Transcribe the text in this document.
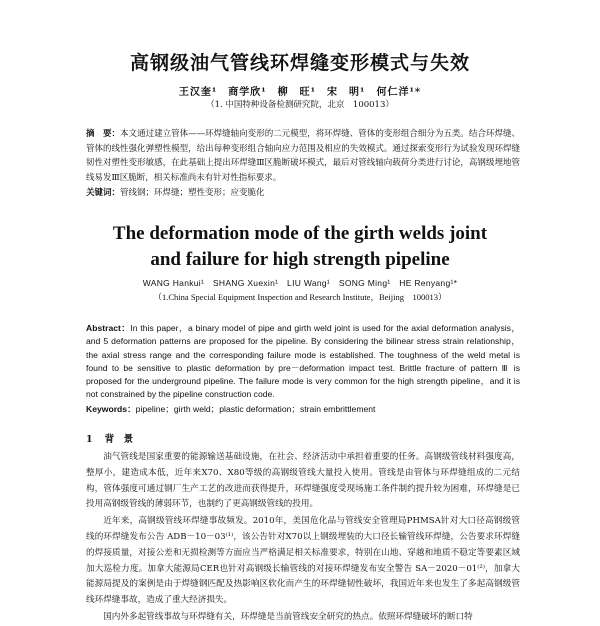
高钢级油气管线环焊缝变形模式与失效
王汉奎¹　商学欣¹　柳　旺¹　宋　明¹　何仁洋¹*
（1. 中国特种设备检测研究院，北京　100013）
摘　要：本文通过建立管体——环焊缝轴向变形的二元模型，将环焊缝、管体的变形组合细分为五类。结合环焊缝、管体的线性强化弹塑性模型，给出每种变形组合轴向应力范围及相应的失效模式。通过探索变形行为试验发现环焊缝韧性对塑性变形敏感，在此基础上提出环焊缝Ⅲ区脆断破坏模式，最后对管线轴向载荷分类进行讨论，高钢级埋地管线易发Ⅲ区脆断，相关标准尚未有针对性指标要求。
关键词：管线钢；环焊缝；塑性变形；应变脆化
The deformation mode of the girth welds joint
and failure for high strength pipeline
WANG Hankui¹　SHANG Xuexin¹　LIU Wang¹　SONG Ming¹　HE Renyang¹*
（1.China Special Equipment Inspection and Research Institute，Beijing　100013）
Abstract：In this paper，a binary model of pipe and girth weld joint is used for the axial deformation analysis，and 5 deformation patterns are proposed for the pipeline. By considering the bilinear stress strain relationship，the axial stress range and the corresponding failure mode is established. The toughness of the weld metal is found to be sensitive to plastic deformation by pre－deformation impact test. Brittle fracture of pattern Ⅲ is proposed for the underground pipeline. The failure mode is very common for the high strength pipeline，and it is not constrained by the pipeline construction code.
Keywords：pipeline；girth weld；plastic deformation；strain embrittlement
1 背　景

油气管线是国家重要的能源输送基础设施，在社会、经济活动中承担着重要的任务。高钢级管线材料强度高，整厚小，建造成本低，近年来X70、X80等级的高钢级管线大量投入使用。管线是由管体与环焊缝组成的二元结构，管体强度可通过钢厂生产工艺的改进而获得提升，环焊缝强度受现场施工条件制约提升较为困难，环焊缝是已投用高钢级管线的薄弱环节，也制约了更高钢级管线的投用。

近年来，高钢级管线环焊缝事故频发。2010年，美国危化品与管线安全管理局PHMSA针对大口径高钢级管线的环焊缝发布公告 ADB－10－03⁽¹⁾，该公告针对X70以上钢级埋装的大口径长输管线环焊缝，公告要求环焊缝的焊接质量，对接公差和无损检测等方面应当严格满足相关标准要求，特别在山地、穿越和地质不稳定等要素区域加大巡检力度。加拿大能源局CER也针对高钢级长输管线的对接环焊缝发布安全警告 SA－2020－01⁽²⁾，加拿大能源局提及的案例是由于焊缝钢匹配及热影响区软化而产生的环焊缝韧性破坏，我国近年来也发生了多起高钢级管线环焊缝事故，造成了重大经济损失。

国内外多起管线事故与环焊缝有关，环焊缝是当前管线安全研究的热点。依照环焊缝破坏的断口特
